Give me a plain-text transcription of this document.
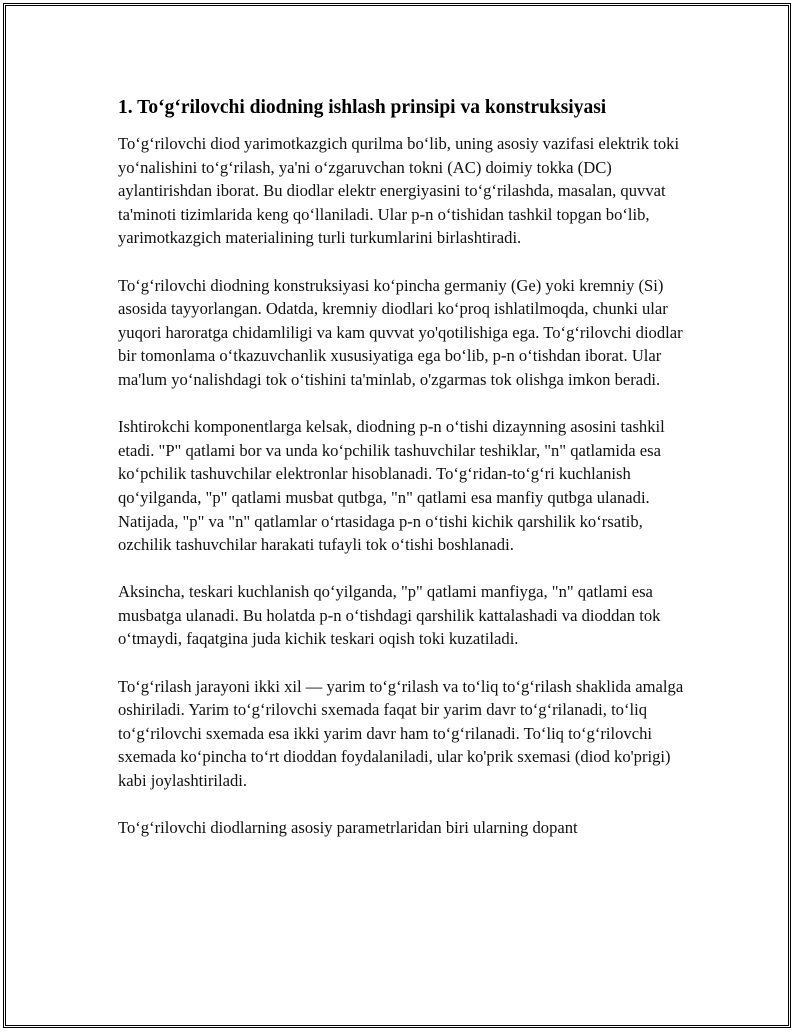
1. To‘g‘rilovchi diodning ishlash prinsipi va konstruksiyasi

To‘g‘rilovchi diod yarimotkazgich qurilma bo‘lib, uning asosiy vazifasi elektrik toki yo‘nalishini to‘g‘rilash, ya'ni o‘zgaruvchan tokni (AC) doimiy tokka (DC) aylantirishdan iborat. Bu diodlar elektr energiyasini to‘g‘rilashda, masalan, quvvat ta'minoti tizimlarida keng qo‘llaniladi. Ular p-n o‘tishidan tashkil topgan bo‘lib, yarimotkazgich materialining turli turkumlarini birlashtiradi.

To‘g‘rilovchi diodning konstruksiyasi ko‘pincha germaniy (Ge) yoki kremniy (Si) asosida tayyorlangan. Odatda, kremniy diodlari ko‘proq ishlatilmoqda, chunki ular yuqori haroratga chidamliligi va kam quvvat yo'qotilishiga ega. To‘g‘rilovchi diodlar bir tomonlama o‘tkazuvchanlik xususiyatiga ega bo‘lib, p-n o‘tishdan iborat. Ular ma'lum yo‘nalishdagi tok o‘tishini ta'minlab, o'zgarmas tok olishga imkon beradi.

Ishtirokchi komponentlarga kelsak, diodning p-n o‘tishi dizaynning asosini tashkil etadi. "P" qatlami bor va unda ko‘pchilik tashuvchilar teshiklar, "n" qatlamida esa ko‘pchilik tashuvchilar elektronlar hisoblanadi. To‘g‘ridan-to‘g‘ri kuchlanish qo‘yilganda, "p" qatlami musbat qutbga, "n" qatlami esa manfiy qutbga ulanadi. Natijada, "p" va "n" qatlamlar o‘rtasidaga p-n o‘tishi kichik qarshilik ko‘rsatib, ozchilik tashuvchilar harakati tufayli tok o‘tishi boshlanadi.

Aksincha, teskari kuchlanish qo‘yilganda, "p" qatlami manfiyga, "n" qatlami esa musbatga ulanadi. Bu holatda p-n o‘tishdagi qarshilik kattalashadi va dioddan tok o‘tmaydi, faqatgina juda kichik teskari oqish toki kuzatiladi.

To‘g‘rilash jarayoni ikki xil — yarim to‘g‘rilash va to‘liq to‘g‘rilash shaklida amalga oshiriladi. Yarim to‘g‘rilovchi sxemada faqat bir yarim davr to‘g‘rilanadi, to‘liq to‘g‘rilovchi sxemada esa ikki yarim davr ham to‘g‘rilanadi. To‘liq to‘g‘rilovchi sxemada ko‘pincha to‘rt dioddan foydalaniladi, ular ko'prik sxemasi (diod ko'prigi) kabi joylashtiriladi.

To‘g‘rilovchi diodlarning asosiy parametrlaridan biri ularning dopant
